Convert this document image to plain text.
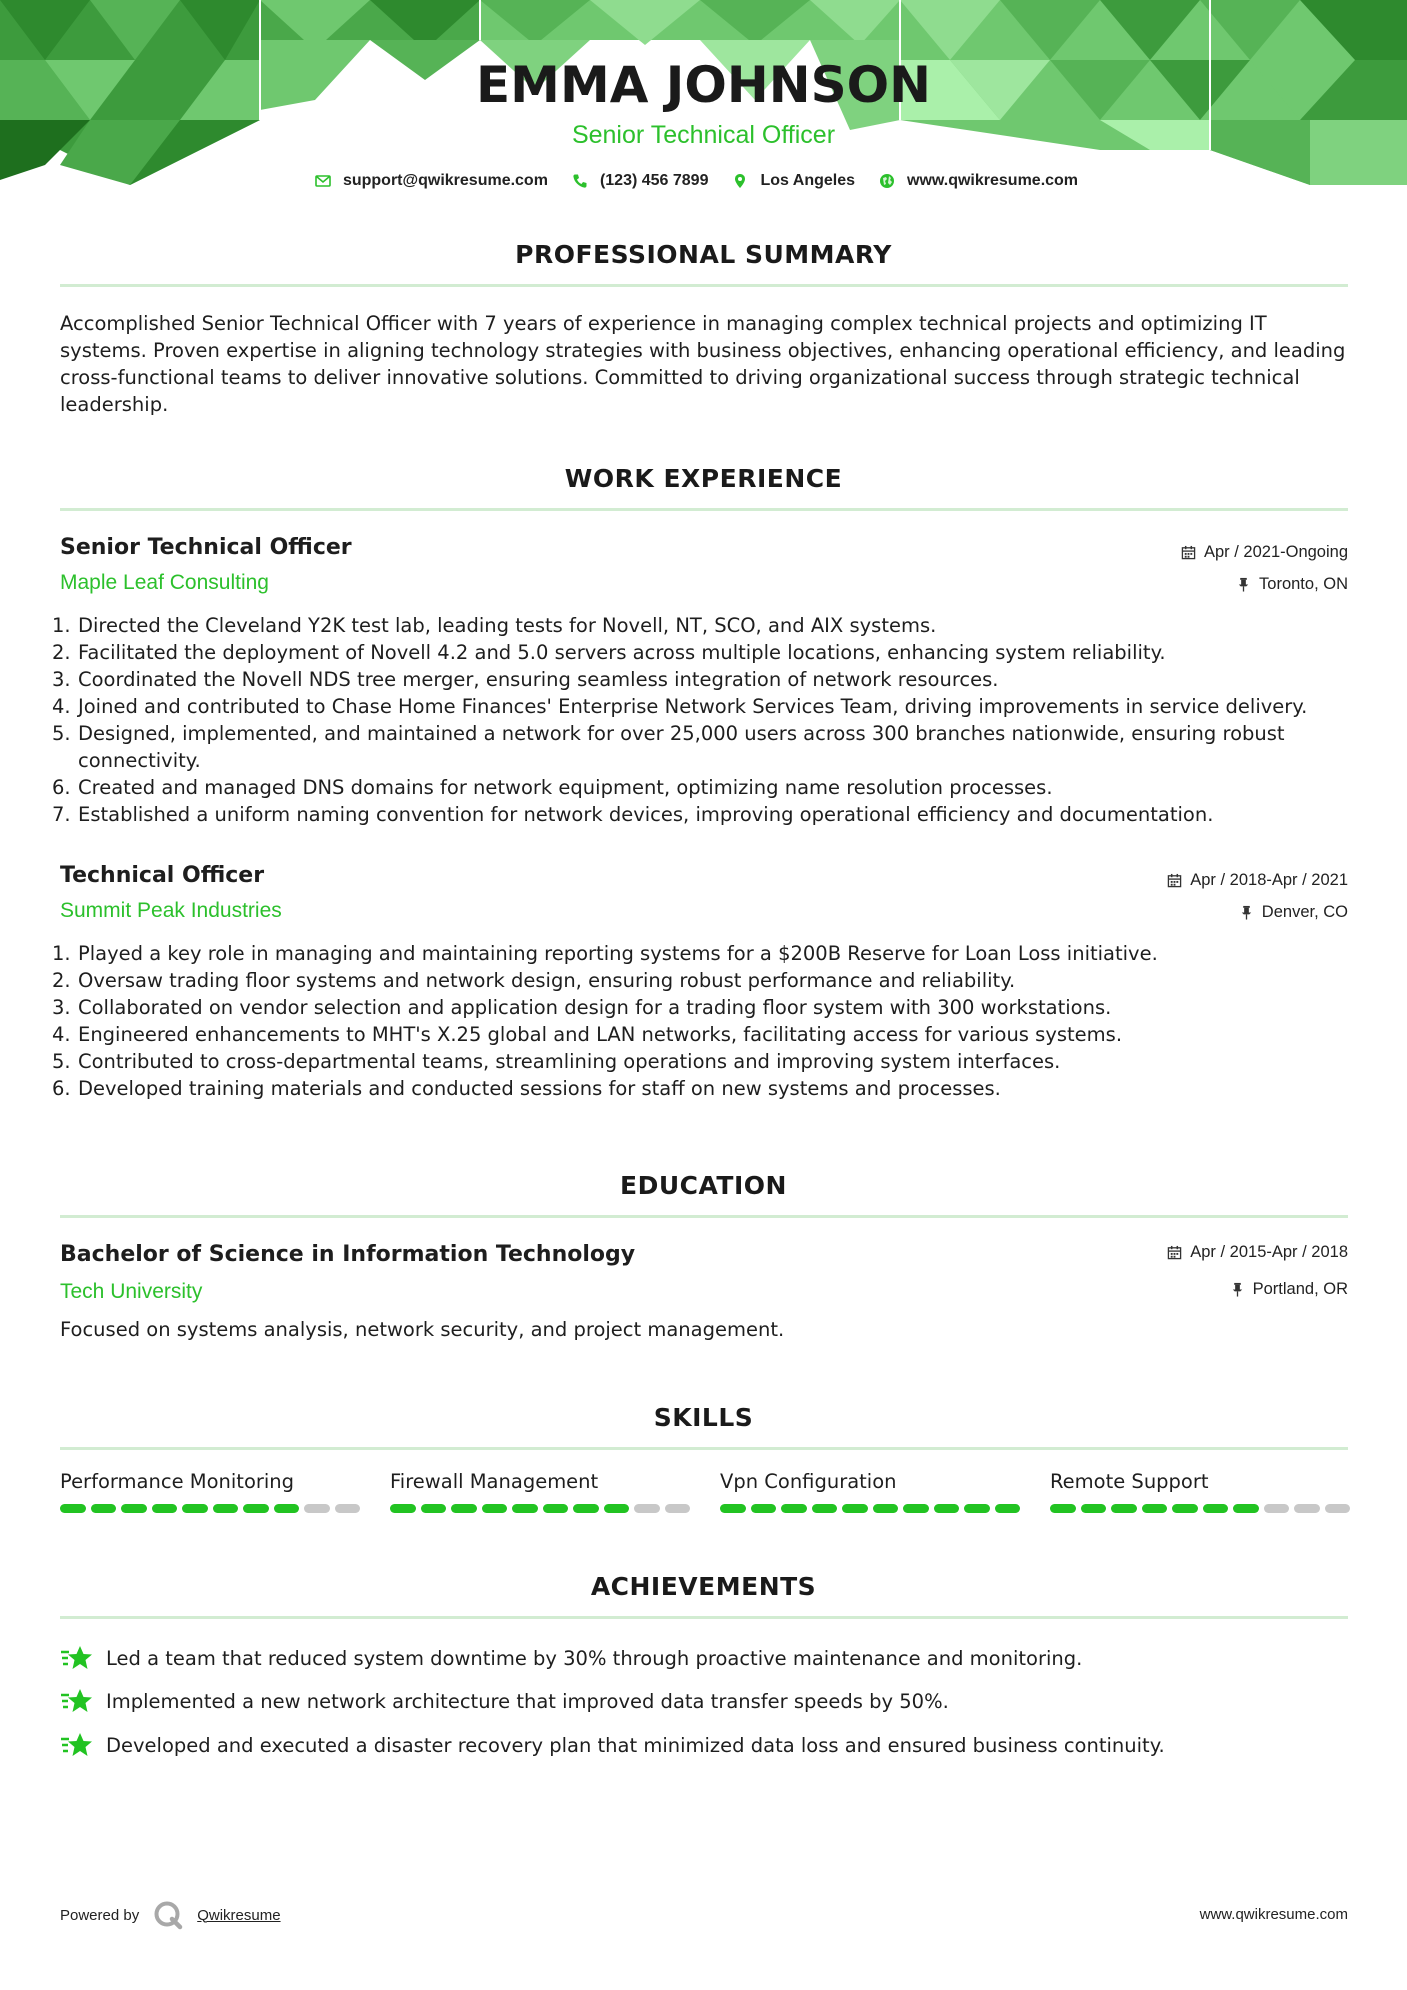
EMMA JOHNSON
Senior Technical Officer
support@qwikresume.com	(123) 456 7899	Los Angeles	www.qwikresume.com
PROFESSIONAL SUMMARY
Accomplished Senior Technical Officer with 7 years of experience in managing complex technical projects and optimizing IT systems. Proven expertise in aligning technology strategies with business objectives, enhancing operational efficiency, and leading cross-functional teams to deliver innovative solutions. Committed to driving organizational success through strategic technical leadership.
WORK EXPERIENCE
Senior Technical Officer
Maple Leaf Consulting
Apr / 2021-Ongoing
Toronto, ON
1. Directed the Cleveland Y2K test lab, leading tests for Novell, NT, SCO, and AIX systems.
2. Facilitated the deployment of Novell 4.2 and 5.0 servers across multiple locations, enhancing system reliability.
3. Coordinated the Novell NDS tree merger, ensuring seamless integration of network resources.
4. Joined and contributed to Chase Home Finances' Enterprise Network Services Team, driving improvements in service delivery.
5. Designed, implemented, and maintained a network for over 25,000 users across 300 branches nationwide, ensuring robust connectivity.
6. Created and managed DNS domains for network equipment, optimizing name resolution processes.
7. Established a uniform naming convention for network devices, improving operational efficiency and documentation.
Technical Officer
Summit Peak Industries
Apr / 2018-Apr / 2021
Denver, CO
1. Played a key role in managing and maintaining reporting systems for a $200B Reserve for Loan Loss initiative.
2. Oversaw trading floor systems and network design, ensuring robust performance and reliability.
3. Collaborated on vendor selection and application design for a trading floor system with 300 workstations.
4. Engineered enhancements to MHT's X.25 global and LAN networks, facilitating access for various systems.
5. Contributed to cross-departmental teams, streamlining operations and improving system interfaces.
6. Developed training materials and conducted sessions for staff on new systems and processes.
EDUCATION
Bachelor of Science in Information Technology
Tech University
Apr / 2015-Apr / 2018
Portland, OR
Focused on systems analysis, network security, and project management.
SKILLS
Performance Monitoring	Firewall Management	Vpn Configuration	Remote Support
ACHIEVEMENTS
Led a team that reduced system downtime by 30% through proactive maintenance and monitoring.
Implemented a new network architecture that improved data transfer speeds by 50%.
Developed and executed a disaster recovery plan that minimized data loss and ensured business continuity.
Powered by	Qwikresume	www.qwikresume.com
